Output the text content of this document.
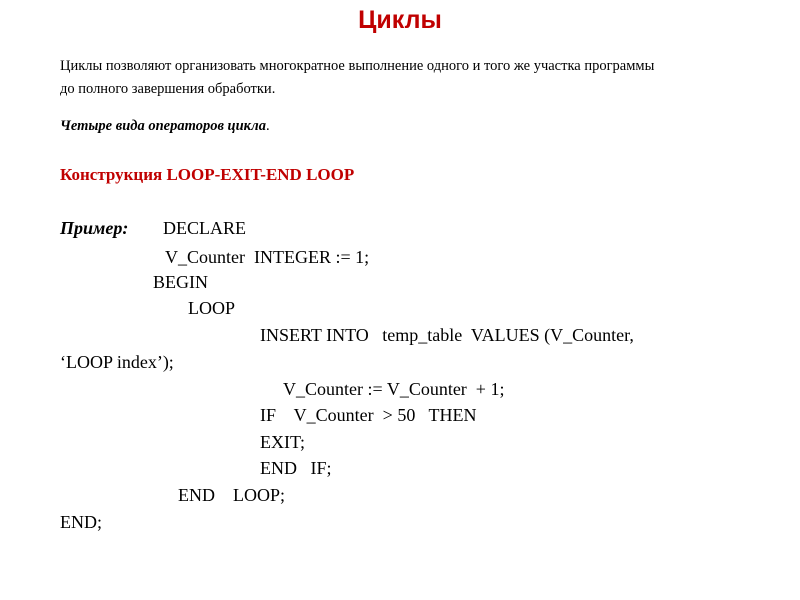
Циклы
Циклы позволяют организовать многократное выполнение одного и того же участка программы
до полного завершения обработки.
Четыре вида операторов цикла.
Конструкция LOOP-EXIT-END LOOP
Пример: DECLARE
V_Counter  INTEGER := 1;
BEGIN
LOOP
INSERT INTO   temp_table  VALUES (V_Counter,
‘LOOP index’);
V_Counter := V_Counter  + 1;
IF    V_Counter  > 50   THEN
EXIT;
END   IF;
END    LOOP;
END;
